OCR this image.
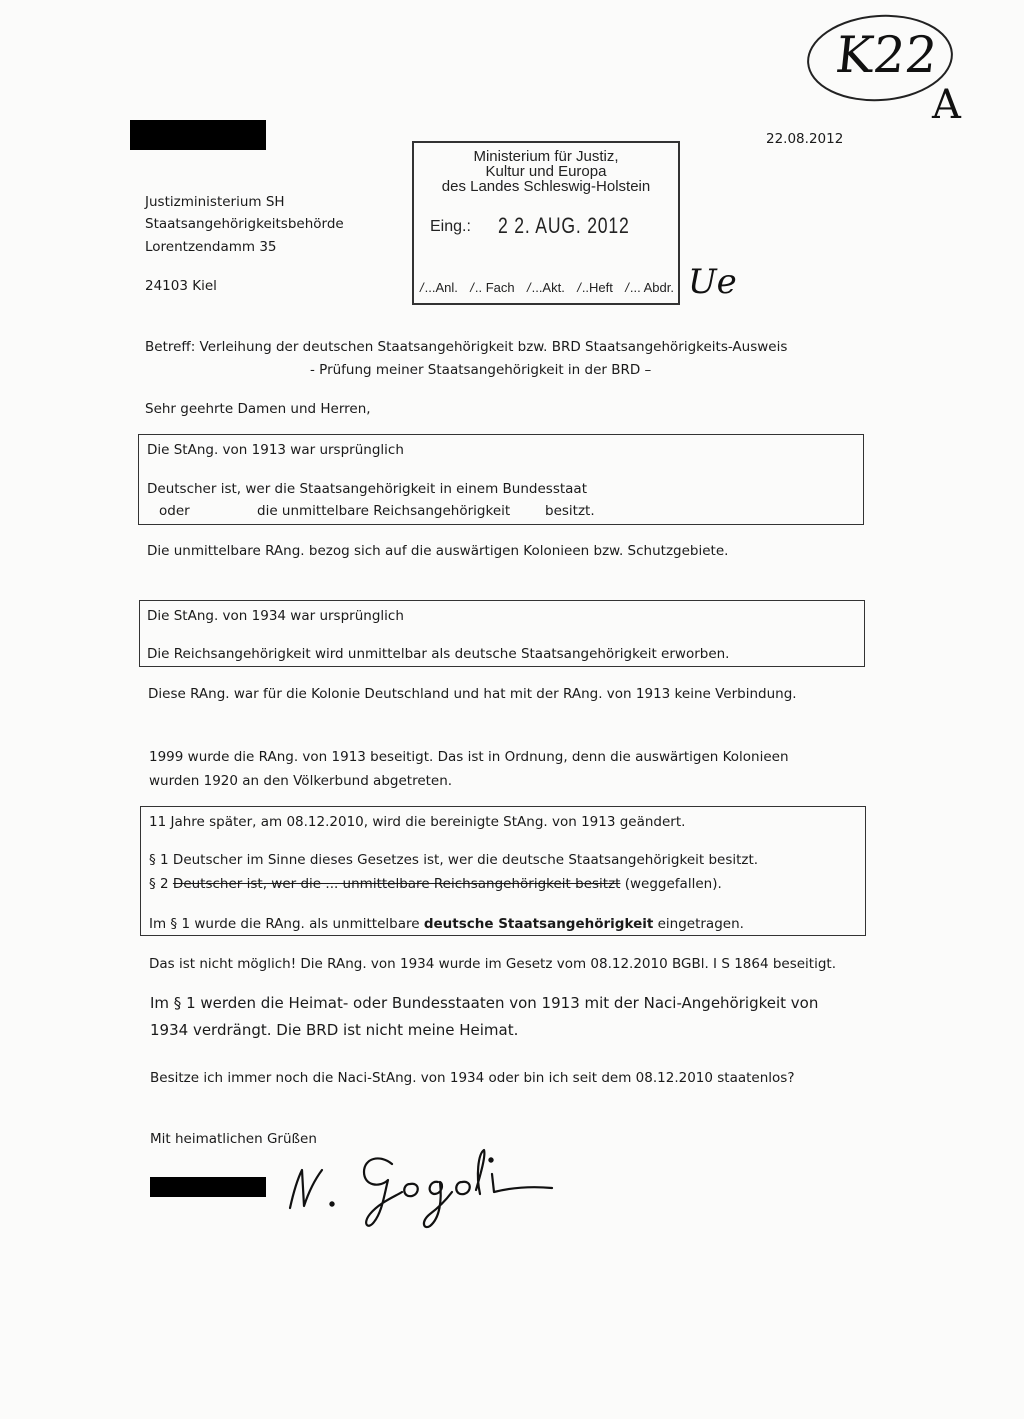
K22
A
22.08.2012
Justizministerium SH
Staatsangehörigkeitsbehörde
Lorentzendamm 35
24103 Kiel
Ministerium für Justiz,
Kultur und Europa
des Landes Schleswig-Holstein
Eing.: 2 2. AUG. 2012
/ ...Anl.	/ .. Fach	/ ...Akt.	/ ..Heft	/ ... Abdr. Ue
Betreff: Verleihung der deutschen Staatsangehörigkeit bzw. BRD Staatsangehörigkeits-Ausweis
- Prüfung meiner Staatsangehörigkeit in der BRD –
Sehr geehrte Damen und Herren,
Die StAng. von 1913 war ursprünglich
Deutscher ist, wer die Staatsangehörigkeit in einem Bundesstaat
oder	die unmittelbare Reichsangehörigkeit	besitzt.
Die unmittelbare RAng. bezog sich auf die auswärtigen Kolonieen bzw. Schutzgebiete.
Die StAng. von 1934 war ursprünglich
Die Reichsangehörigkeit wird unmittelbar als deutsche Staatsangehörigkeit erworben.
Diese RAng. war für die Kolonie Deutschland und hat mit der RAng. von 1913 keine Verbindung.
1999 wurde die RAng. von 1913 beseitigt. Das ist in Ordnung, denn die auswärtigen Kolonieen
wurden 1920 an den Völkerbund abgetreten.
11 Jahre später, am 08.12.2010, wird die bereinigte StAng. von 1913 geändert.
§ 1 Deutscher im Sinne dieses Gesetzes ist, wer die deutsche Staatsangehörigkeit besitzt.
§ 2 Deutscher ist, wer die ... unmittelbare Reichsangehörigkeit besitzt (weggefallen).
Im § 1 wurde die RAng. als unmittelbare deutsche Staatsangehörigkeit eingetragen.
Das ist nicht möglich! Die RAng. von 1934 wurde im Gesetz vom 08.12.2010 BGBl. I S 1864 beseitigt.
Im § 1 werden die Heimat- oder Bundesstaaten von 1913 mit der Naci-Angehörigkeit von
1934 verdrängt. Die BRD ist nicht meine Heimat.
Besitze ich immer noch die Naci-StAng. von 1934 oder bin ich seit dem 08.12.2010 staatenlos?
Mit heimatlichen Grüßen
